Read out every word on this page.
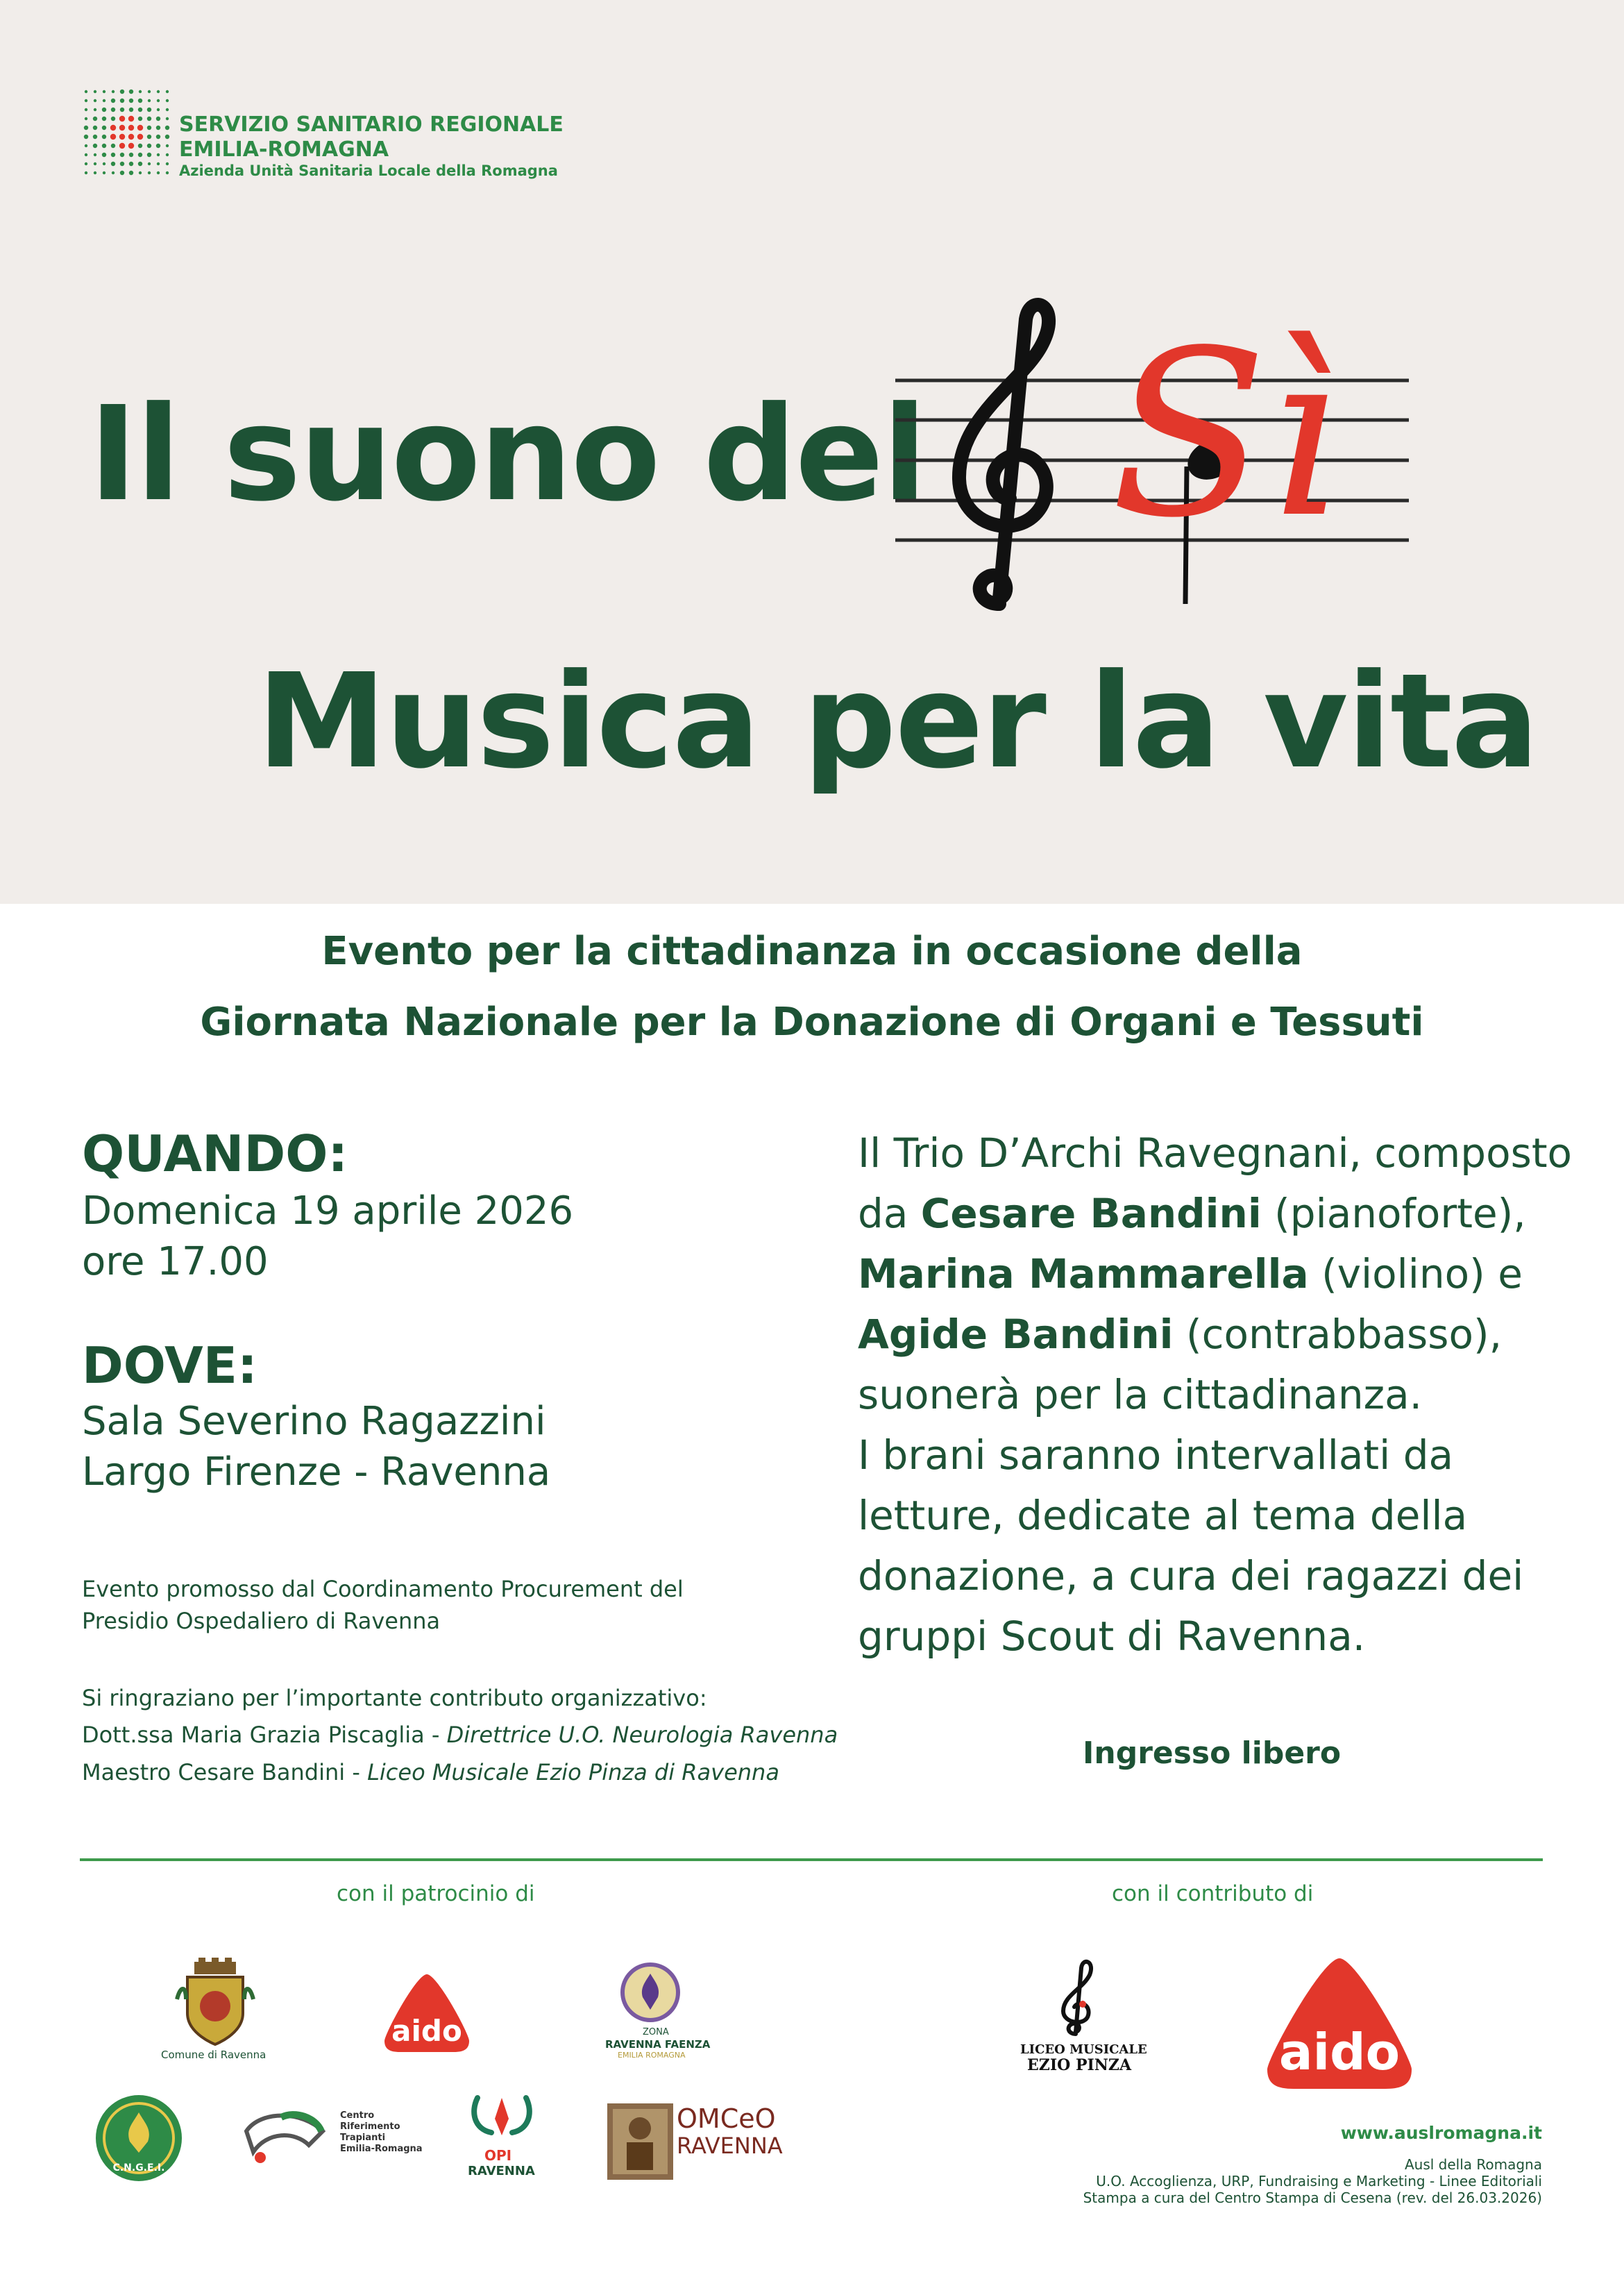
SERVIZIO SANITARIO REGIONALE
EMILIA-ROMAGNA
Azienda Unità Sanitaria Locale della Romagna
Il suono del Sì
Musica per la vita
Evento per la cittadinanza in occasione della
Giornata Nazionale per la Donazione di Organi e Tessuti
QUANDO:
Domenica 19 aprile 2026
ore 17.00
DOVE:
Sala Severino Ragazzini
Largo Firenze - Ravenna
Evento promosso dal Coordinamento Procurement del
Presidio Ospedaliero di Ravenna
Si ringraziano per l’importante contributo organizzativo:
Dott.ssa Maria Grazia Piscaglia - Direttrice U.O. Neurologia Ravenna
Maestro Cesare Bandini - Liceo Musicale Ezio Pinza di Ravenna
Il Trio D’Archi Ravegnani, composto da Cesare Bandini (pianoforte), Marina Mammarella (violino) e Agide Bandini (contrabbasso), suonerà per la cittadinanza.
I brani saranno intervallati da letture, dedicate al tema della donazione, a cura dei ragazzi dei gruppi Scout di Ravenna.
Ingresso libero
con il patrocinio di	con il contributo di
Comune di Ravenna
aido	ZONA
RAVENNA FAENZA
EMILIA ROMAGNA	aido
LICEO MUSICALE
EZIO PINZA
C.N.G.E.I.
Centro
Riferimento
Trapianti
Emilia-Romagna	OPI
RAVENNA
OMCeO
RAVENNA	www.auslromagna.it
Ausl della Romagna
U.O. Accoglienza, URP, Fundraising e Marketing - Linee Editoriali
Stampa a cura del Centro Stampa di Cesena (rev. del 26.03.2026)
